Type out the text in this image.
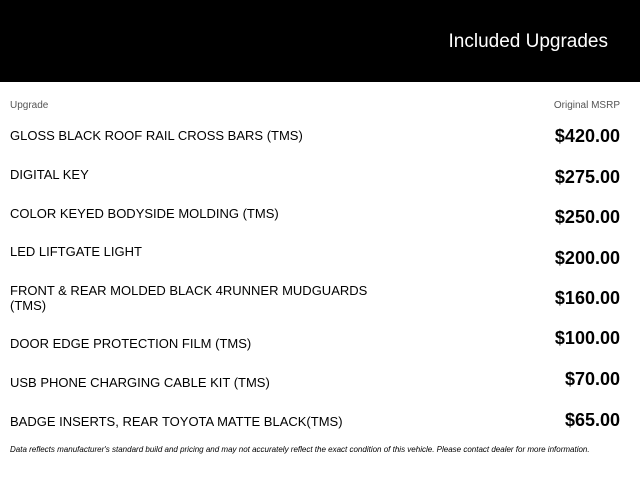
Included Upgrades
Upgrade	Original MSRP
GLOSS BLACK ROOF RAIL CROSS BARS (TMS)	$420.00
DIGITAL KEY	$275.00
COLOR KEYED BODYSIDE MOLDING (TMS)	$250.00
LED LIFTGATE LIGHT	$200.00
FRONT & REAR MOLDED BLACK 4RUNNER MUDGUARDS (TMS)	$160.00
DOOR EDGE PROTECTION FILM (TMS)	$100.00
USB PHONE CHARGING CABLE KIT (TMS)	$70.00
BADGE INSERTS, REAR TOYOTA MATTE BLACK(TMS)	$65.00
Data reflects manufacturer's standard build and pricing and may not accurately reflect the exact condition of this vehicle. Please contact dealer for more information.
